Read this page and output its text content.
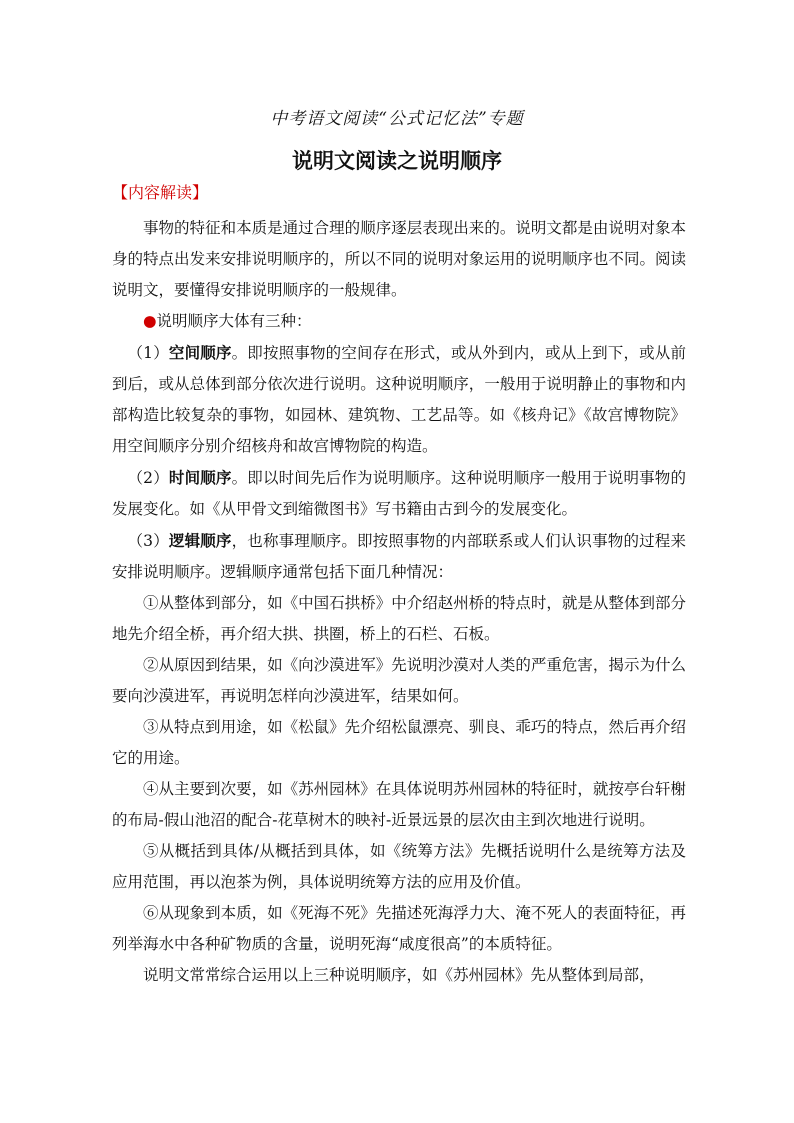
中考语文阅读“公式记忆法”专题
说明文阅读之说明顺序
【内容解读】

事物的特征和本质是通过合理的顺序逐层表现出来的。说明文都是由说明对象本身的特点出发来安排说明顺序的，所以不同的说明对象运用的说明顺序也不同。阅读说明文，要懂得安排说明顺序的一般规律。

●说明顺序大体有三种：

（1）空间顺序。即按照事物的空间存在形式，或从外到内，或从上到下，或从前到后，或从总体到部分依次进行说明。这种说明顺序，一般用于说明静止的事物和内部构造比较复杂的事物，如园林、建筑物、工艺品等。如《核舟记》《故宫博物院》用空间顺序分别介绍核舟和故宫博物院的构造。

（2）时间顺序。即以时间先后作为说明顺序。这种说明顺序一般用于说明事物的发展变化。如《从甲骨文到缩微图书》写书籍由古到今的发展变化。

（3）逻辑顺序，也称事理顺序。即按照事物的内部联系或人们认识事物的过程来安排说明顺序。逻辑顺序通常包括下面几种情况：

①从整体到部分，如《中国石拱桥》中介绍赵州桥的特点时，就是从整体到部分地先介绍全桥，再介绍大拱、拱圈，桥上的石栏、石板。

②从原因到结果，如《向沙漠进军》先说明沙漠对人类的严重危害，揭示为什么要向沙漠进军，再说明怎样向沙漠进军，结果如何。

③从特点到用途，如《松鼠》先介绍松鼠漂亮、驯良、乖巧的特点，然后再介绍它的用途。

④从主要到次要，如《苏州园林》在具体说明苏州园林的特征时，就按亭台轩榭的布局-假山池沼的配合-花草树木的映衬-近景远景的层次由主到次地进行说明。

⑤从概括到具体/从概括到具体，如《统筹方法》先概括说明什么是统筹方法及应用范围，再以泡茶为例，具体说明统筹方法的应用及价值。

⑥从现象到本质，如《死海不死》先描述死海浮力大、淹不死人的表面特征，再列举海水中各种矿物质的含量，说明死海“咸度很高”的本质特征。

说明文常常综合运用以上三种说明顺序，如《苏州园林》先从整体到局部，
